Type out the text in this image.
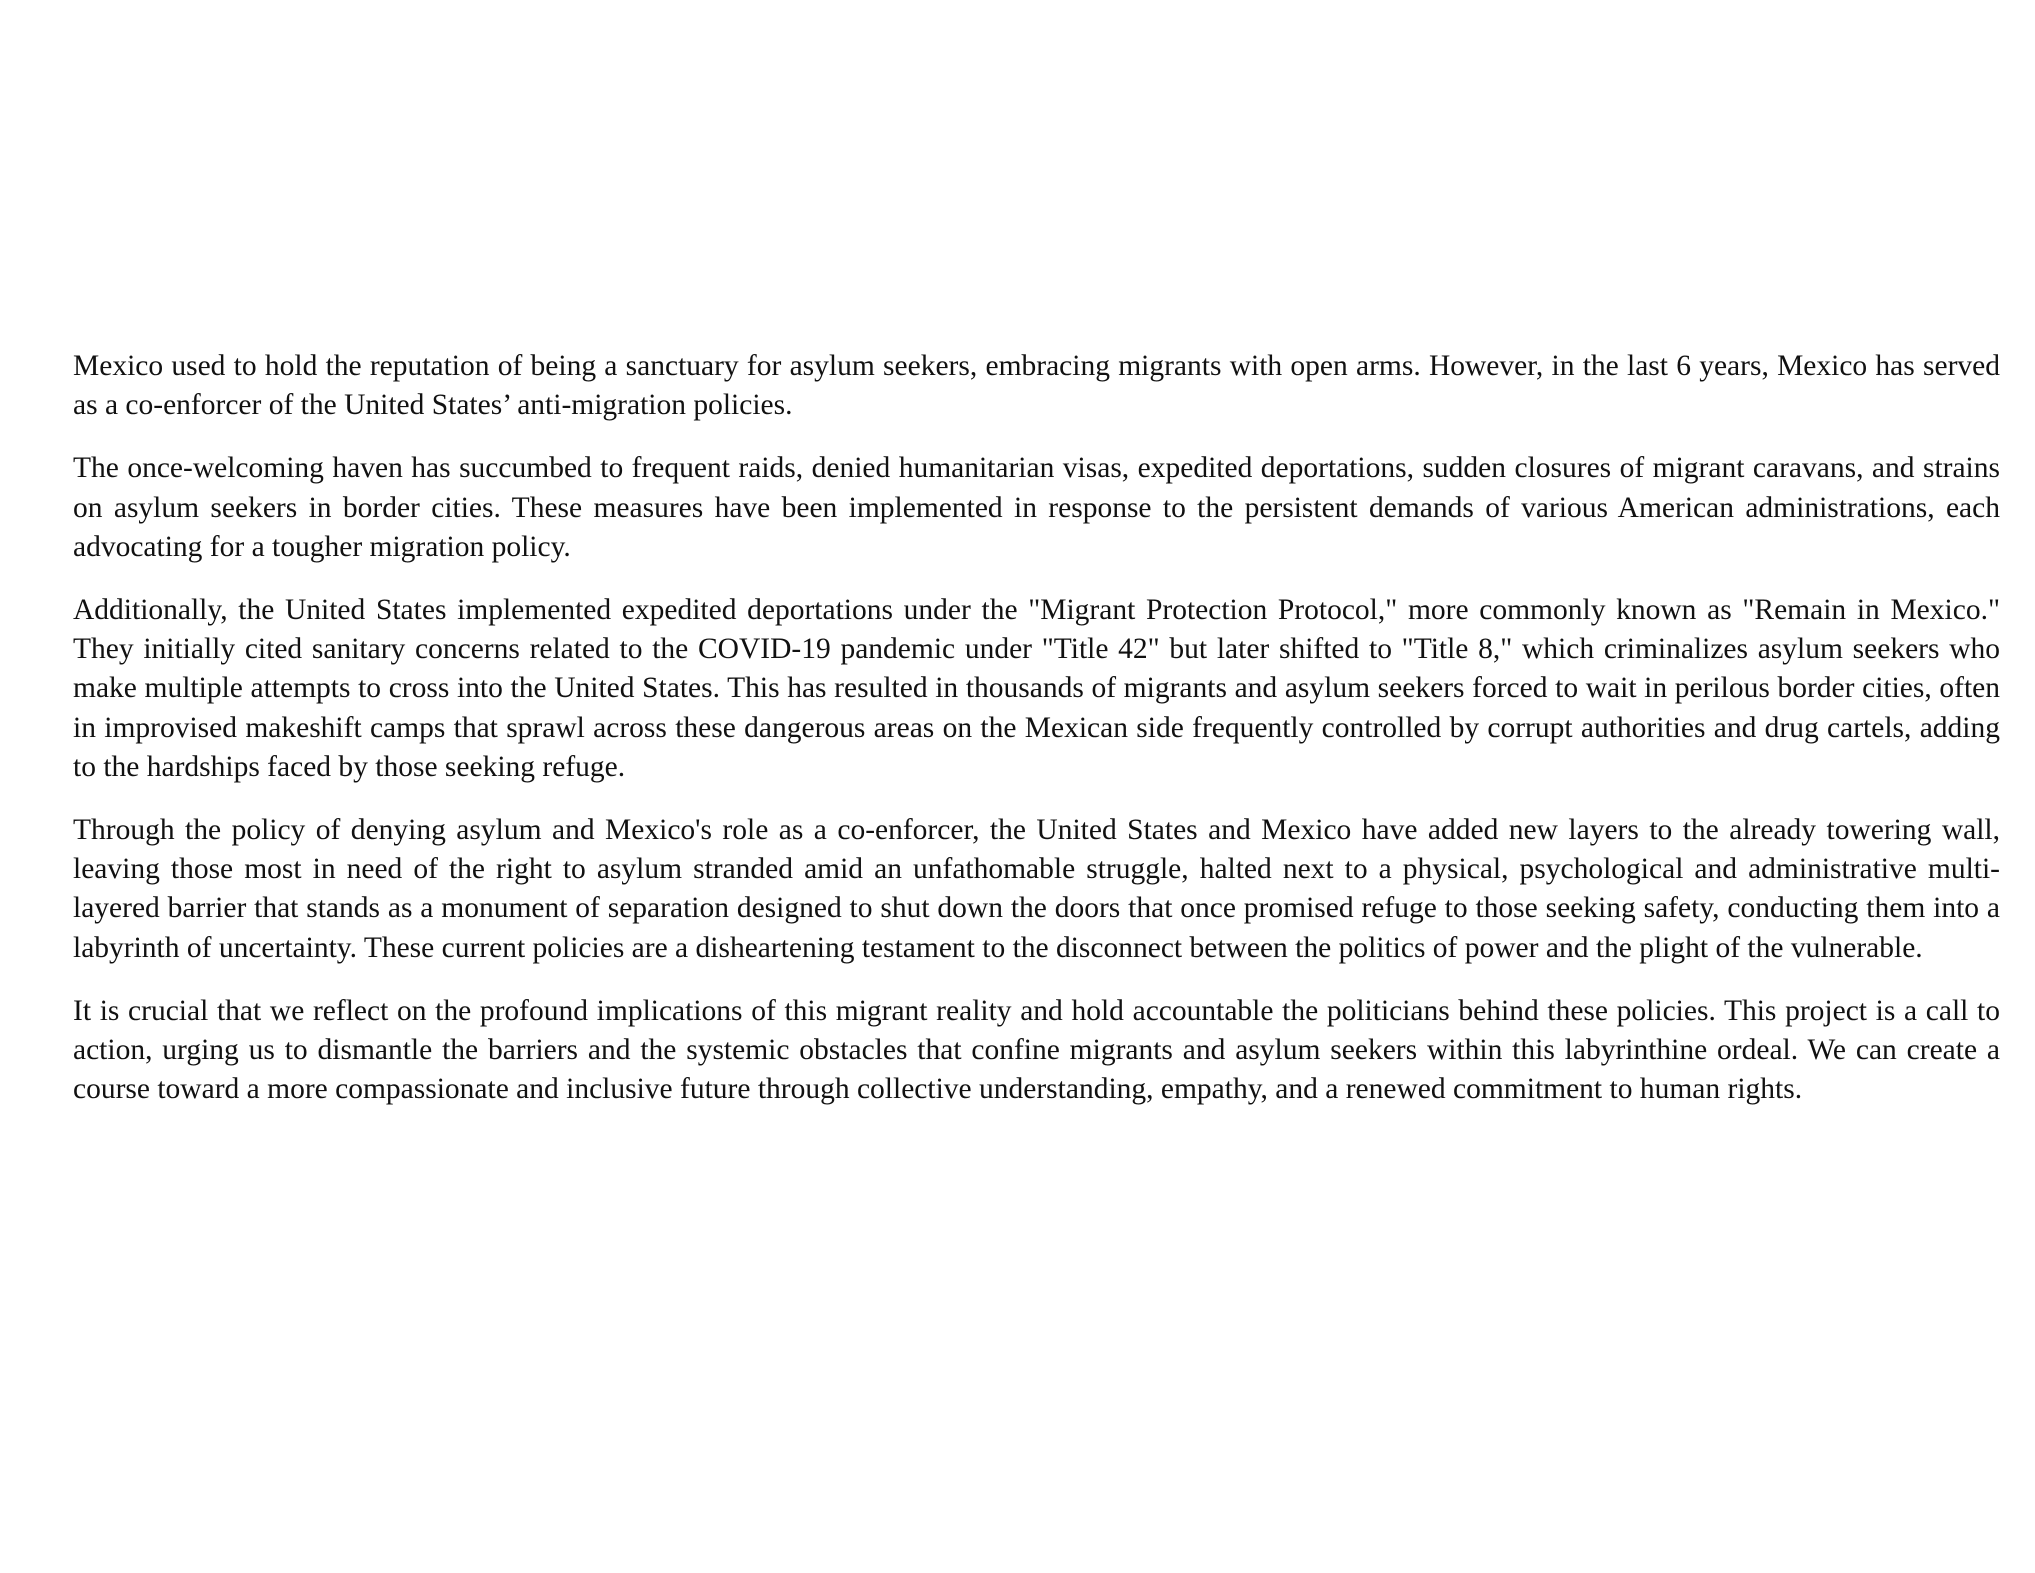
Mexico used to hold the reputation of being a sanctuary for asylum seekers, embracing migrants with open arms. However, in the last 6 years, Mexico has served as a co-enforcer of the United States’ anti-migration policies.

The once-welcoming haven has succumbed to frequent raids, denied humanitarian visas, expedited deportations, sudden closures of migrant caravans, and strains on asylum seekers in border cities. These measures have been implemented in response to the persistent demands of various American administrations, each advocating for a tougher migration policy.

Additionally, the United States implemented expedited deportations under the "Migrant Protection Protocol," more commonly known as "Remain in Mexico." They initially cited sanitary concerns related to the COVID-19 pandemic under "Title 42" but later shifted to "Title 8," which criminalizes asylum seekers who make multiple attempts to cross into the United States. This has resulted in thousands of migrants and asylum seekers forced to wait in perilous border cities, often in improvised makeshift camps that sprawl across these dangerous areas on the Mexican side frequently controlled by corrupt authorities and drug cartels, adding to the hardships faced by those seeking refuge.

Through the policy of denying asylum and Mexico's role as a co-enforcer, the United States and Mexico have added new layers to the already towering wall, leaving those most in need of the right to asylum stranded amid an unfathomable struggle, halted next to a physical, psychological and administrative multi-layered barrier that stands as a monument of separation designed to shut down the doors that once promised refuge to those seeking safety, conducting them into a labyrinth of uncertainty. These current policies are a disheartening testament to the disconnect between the politics of power and the plight of the vulnerable.

It is crucial that we reflect on the profound implications of this migrant reality and hold accountable the politicians behind these policies. This project is a call to action, urging us to dismantle the barriers and the systemic obstacles that confine migrants and asylum seekers within this labyrinthine ordeal. We can create a course toward a more compassionate and inclusive future through collective understanding, empathy, and a renewed commitment to human rights.
